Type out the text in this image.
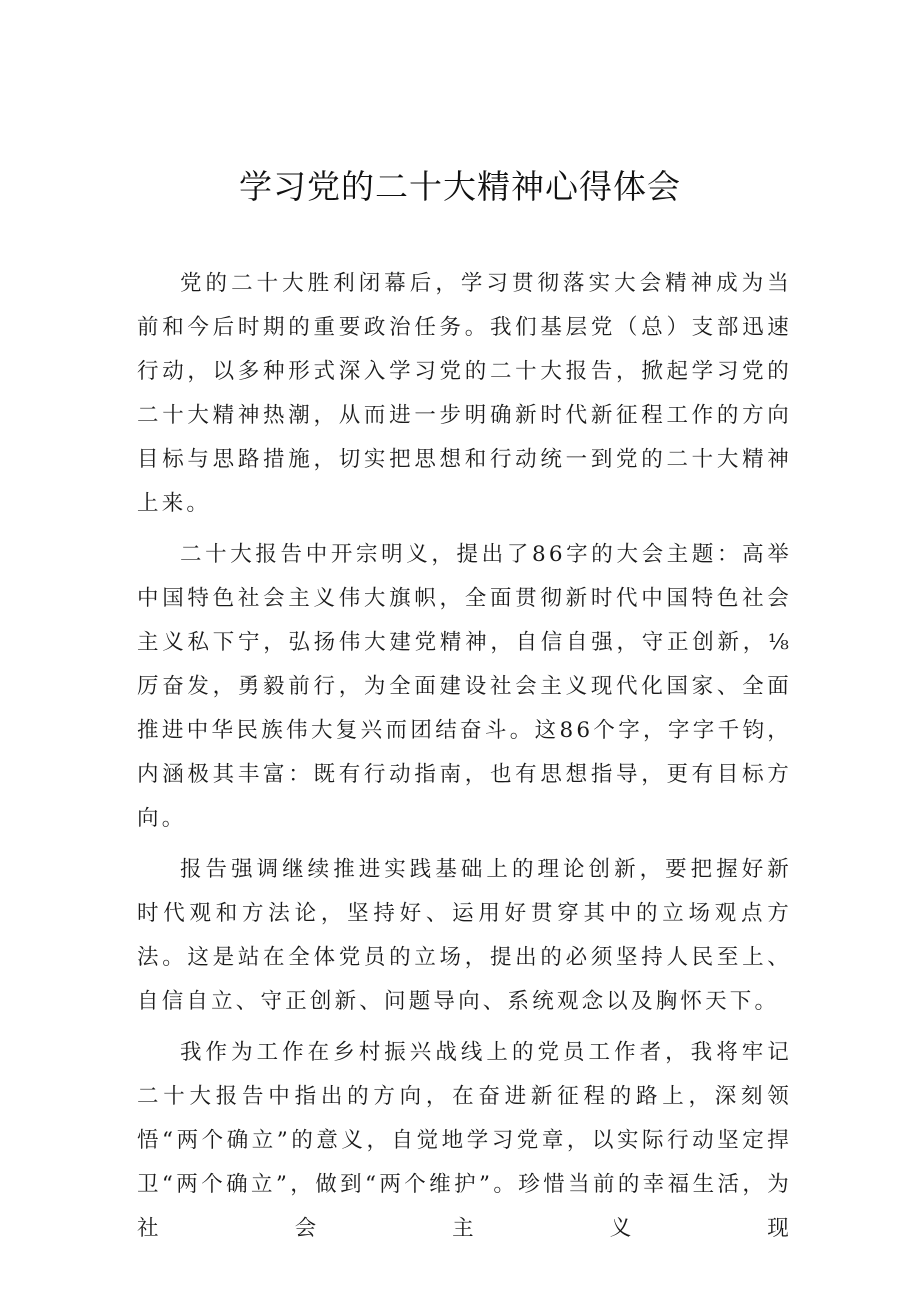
学习党的二十大精神心得体会

党的二十大胜利闭幕后，学习贯彻落实大会精神成为当前和今后时期的重要政治任务。我们基层党（总）支部迅速行动，以多种形式深入学习党的二十大报告，掀起学习党的二十大精神热潮，从而进一步明确新时代新征程工作的方向目标与思路措施，切实把思想和行动统一到党的二十大精神上来。

二十大报告中开宗明义，提出了86字的大会主题：高举中国特色社会主义伟大旗帜，全面贯彻新时代中国特色社会主义私下宁，弘扬伟大建党精神，自信自强，守正创新，⅛厉奋发，勇毅前行，为全面建设社会主义现代化国家、全面推进中华民族伟大复兴而团结奋斗。这86个字，字字千钧，内涵极其丰富：既有行动指南，也有思想指导，更有目标方向。

报告强调继续推进实践基础上的理论创新，要把握好新时代观和方法论，坚持好、运用好贯穿其中的立场观点方法。这是站在全体党员的立场，提出的必须坚持人民至上、自信自立、守正创新、问题导向、系统观念以及胸怀天下。

我作为工作在乡村振兴战线上的党员工作者，我将牢记二十大报告中指出的方向，在奋进新征程的路上，深刻领悟“两个确立”的意义，自觉地学习党章，以实际行动坚定捍卫“两个确立”，做到“两个维护”。珍惜当前的幸福生活，为社会主义现
